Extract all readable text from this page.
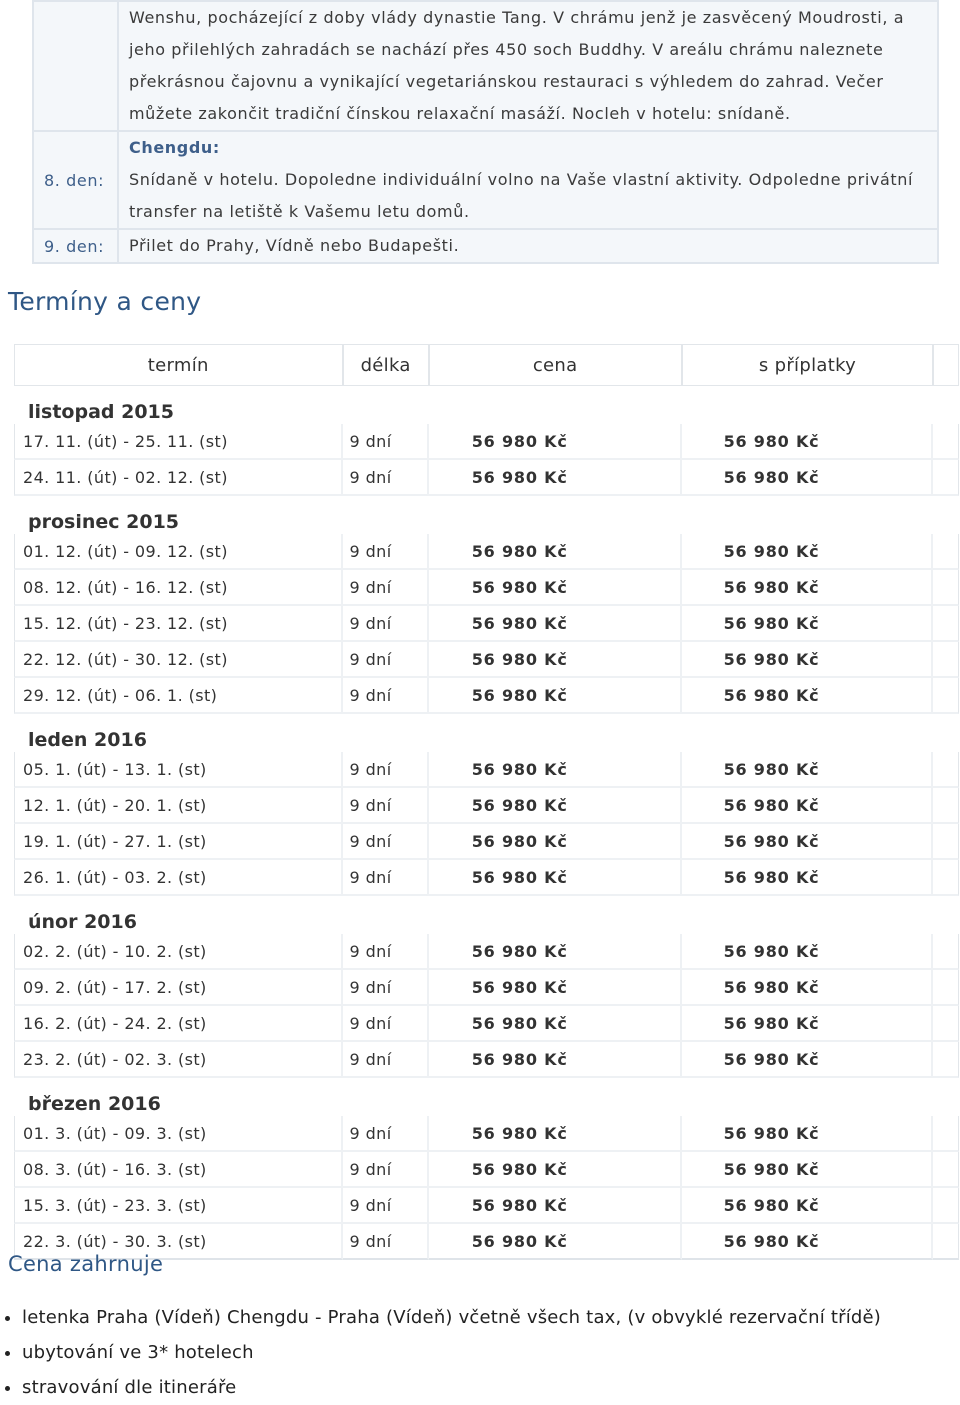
	Wenshu, pocházející z doby vlády dynastie Tang. V chrámu jenž je zasvěcený Moudrosti, a
jeho přilehlých zahradách se nachází přes 450 soch Buddhy. V areálu chrámu naleznete
překrásnou čajovnu a vynikající vegetariánskou restauraci s výhledem do zahrad. Večer
můžete zakončit tradiční čínskou relaxační masáží. Nocleh v hotelu: snídaně.

8. den:	Chengdu:
Snídaně v hotelu. Dopoledne individuální volno na Vaše vlastní aktivity. Odpoledne privátní
transfer na letiště k Vašemu letu domů.

9. den:	Přilet do Prahy, Vídně nebo Budapešti.
Termíny a ceny
termín	délka	cena	s příplatky	
listopad 2015				
17. 11. (út) - 25. 11. (st)	9 dní	56 980 Kč	56 980 Kč	
24. 11. (út) - 02. 12. (st)	9 dní	56 980 Kč	56 980 Kč	
prosinec 2015				
01. 12. (út) - 09. 12. (st)	9 dní	56 980 Kč	56 980 Kč	
08. 12. (út) - 16. 12. (st)	9 dní	56 980 Kč	56 980 Kč	
15. 12. (út) - 23. 12. (st)	9 dní	56 980 Kč	56 980 Kč	
22. 12. (út) - 30. 12. (st)	9 dní	56 980 Kč	56 980 Kč	
29. 12. (út) - 06. 1. (st)	9 dní	56 980 Kč	56 980 Kč	
leden 2016				
05. 1. (út) - 13. 1. (st)	9 dní	56 980 Kč	56 980 Kč	
12. 1. (út) - 20. 1. (st)	9 dní	56 980 Kč	56 980 Kč	
19. 1. (út) - 27. 1. (st)	9 dní	56 980 Kč	56 980 Kč	
26. 1. (út) - 03. 2. (st)	9 dní	56 980 Kč	56 980 Kč	
únor 2016				
02. 2. (út) - 10. 2. (st)	9 dní	56 980 Kč	56 980 Kč	
09. 2. (út) - 17. 2. (st)	9 dní	56 980 Kč	56 980 Kč	
16. 2. (út) - 24. 2. (st)	9 dní	56 980 Kč	56 980 Kč	
23. 2. (út) - 02. 3. (st)	9 dní	56 980 Kč	56 980 Kč	
březen 2016				
01. 3. (út) - 09. 3. (st)	9 dní	56 980 Kč	56 980 Kč	
08. 3. (út) - 16. 3. (st)	9 dní	56 980 Kč	56 980 Kč	
15. 3. (út) - 23. 3. (st)	9 dní	56 980 Kč	56 980 Kč	
22. 3. (út) - 30. 3. (st)	9 dní	56 980 Kč	56 980 Kč	
Cena zahrnuje
• letenka Praha (Vídeň) Chengdu - Praha (Vídeň) včetně všech tax, (v obvyklé rezervační třídě)
• ubytování ve 3* hotelech
• stravování dle itineráře
